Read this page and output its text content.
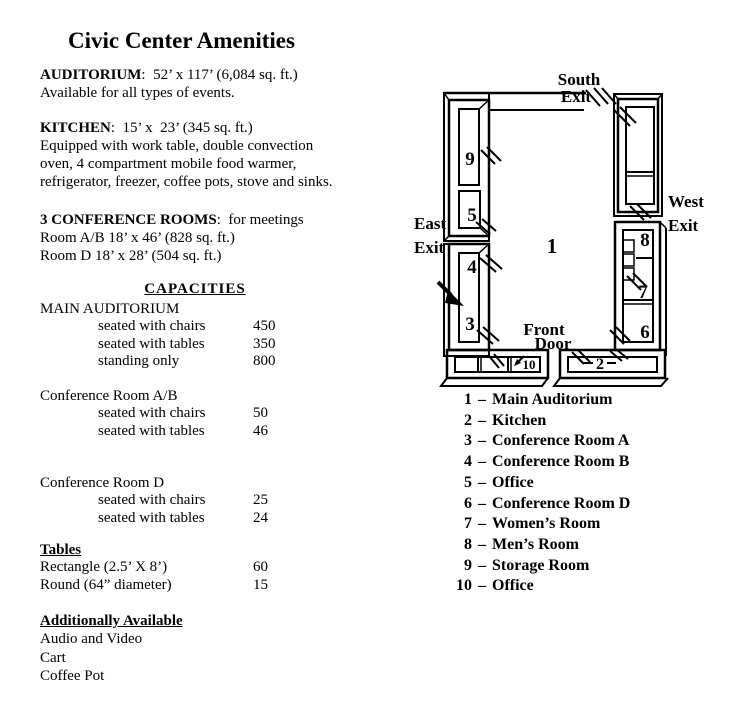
Civic Center Amenities
AUDITORIUM:  52’ x 117’ (6,084 sq. ft.)
Available for all types of events.
KITCHEN:  15’ x  23’ (345 sq. ft.)
Equipped with work table, double convection
oven, 4 compartment mobile food warmer,
refrigerator, freezer, coffee pots, stove and sinks.
3 CONFERENCE ROOMS:  for meetings
Room A/B 18’ x 46’ (828 sq. ft.)
Room D 18’ x 28’ (504 sq. ft.)
CAPACITIES
MAIN AUDITORIUM
seated with chairs	450
seated with tables	350
standing only	800
Conference Room A/B
seated with chairs	50
seated with tables	46
Conference Room D
seated with chairs	25
seated with tables	24
Tables
Rectangle (2.5’ X 8’)	60
Round (64” diameter)	15
Additionally Available
Audio and Video
Cart
Coffee Pot
South
Exit
East
Exit
West
Exit
Front
Door
1
9
5
4
3
10	2
8
7
6
1 – Main Auditorium
2 – Kitchen
3 – Conference Room A
4 – Conference Room B
5 – Office
6 – Conference Room D
7 – Women’s Room
8 – Men’s Room
9 – Storage Room
10 – Office
